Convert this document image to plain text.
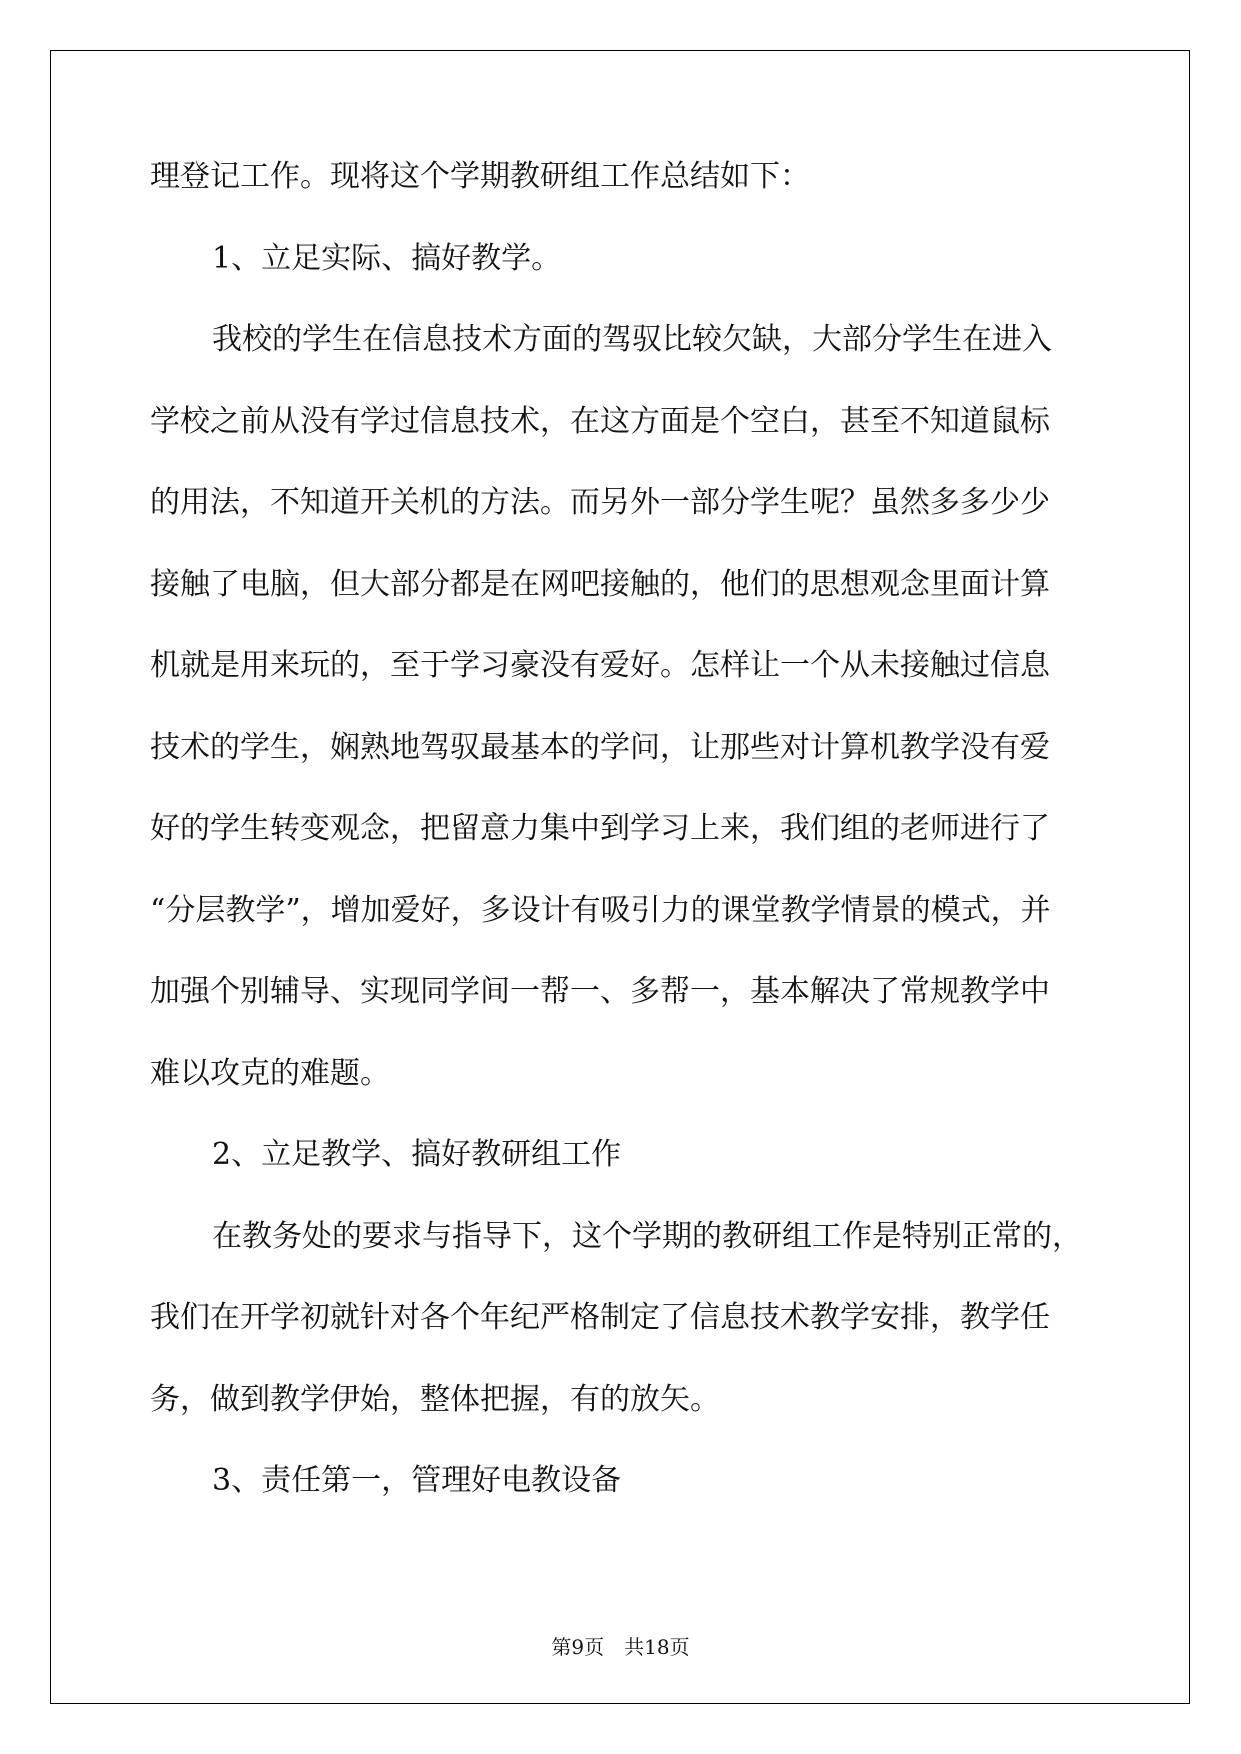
理登记工作。现将这个学期教研组工作总结如下：
1、立足实际、搞好教学。
我校的学生在信息技术方面的驾驭比较欠缺，大部分学生在进入
学校之前从没有学过信息技术，在这方面是个空白，甚至不知道鼠标
的用法，不知道开关机的方法。而另外一部分学生呢？虽然多多少少
接触了电脑，但大部分都是在网吧接触的，他们的思想观念里面计算
机就是用来玩的，至于学习豪没有爱好。怎样让一个从未接触过信息
技术的学生，娴熟地驾驭最基本的学问，让那些对计算机教学没有爱
好的学生转变观念，把留意力集中到学习上来，我们组的老师进行了
“分层教学”，增加爱好，多设计有吸引力的课堂教学情景的模式，并
加强个别辅导、实现同学间一帮一、多帮一，基本解决了常规教学中
难以攻克的难题。
2、立足教学、搞好教研组工作
在教务处的要求与指导下，这个学期的教研组工作是特别正常的，
我们在开学初就针对各个年纪严格制定了信息技术教学安排，教学任
务，做到教学伊始，整体把握，有的放矢。
3、责任第一，管理好电教设备
第9页　共18页
